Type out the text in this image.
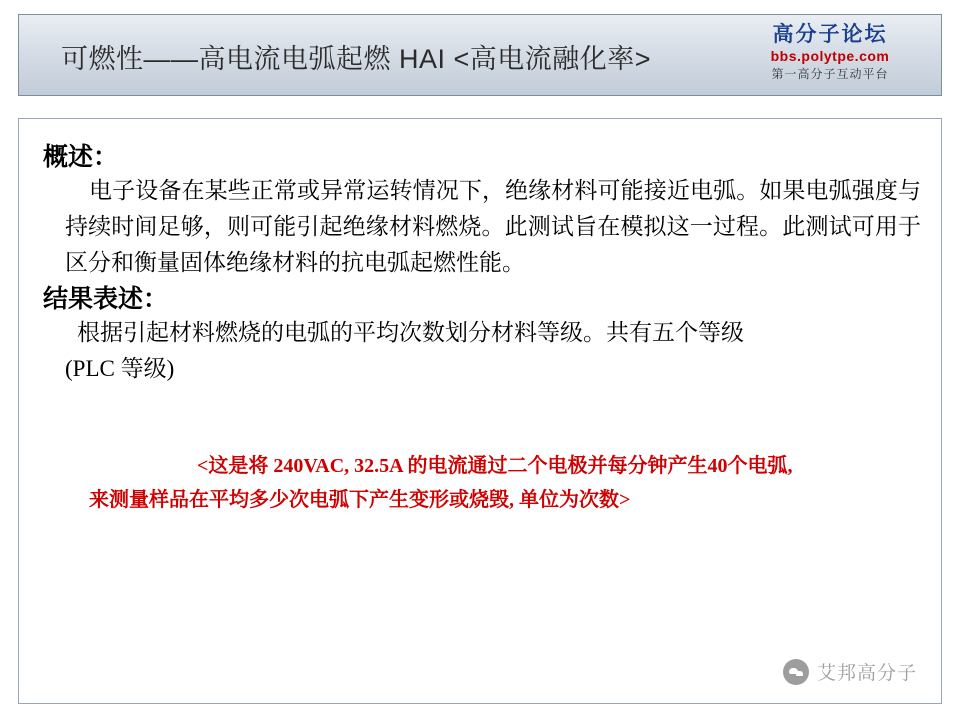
可燃性——高电流电弧起燃 HAI <高电流融化率>
高分子论坛
bbs.polytpe.com
第一高分子互动平台
概述：
电子设备在某些正常或异常运转情况下，绝缘材料可能接近电弧。如果电弧强度与持续时间足够，则可能引起绝缘材料燃烧。此测试旨在模拟这一过程。此测试可用于区分和衡量固体绝缘材料的抗电弧起燃性能。
结果表述：
根据引起材料燃烧的电弧的平均次数划分材料等级。共有五个等级
(PLC 等级)
<这是将 240VAC, 32.5A 的电流通过二个电极并每分钟产生40个电弧,
来测量样品在平均多少次电弧下产生变形或烧毁, 单位为次数>
艾邦高分子
